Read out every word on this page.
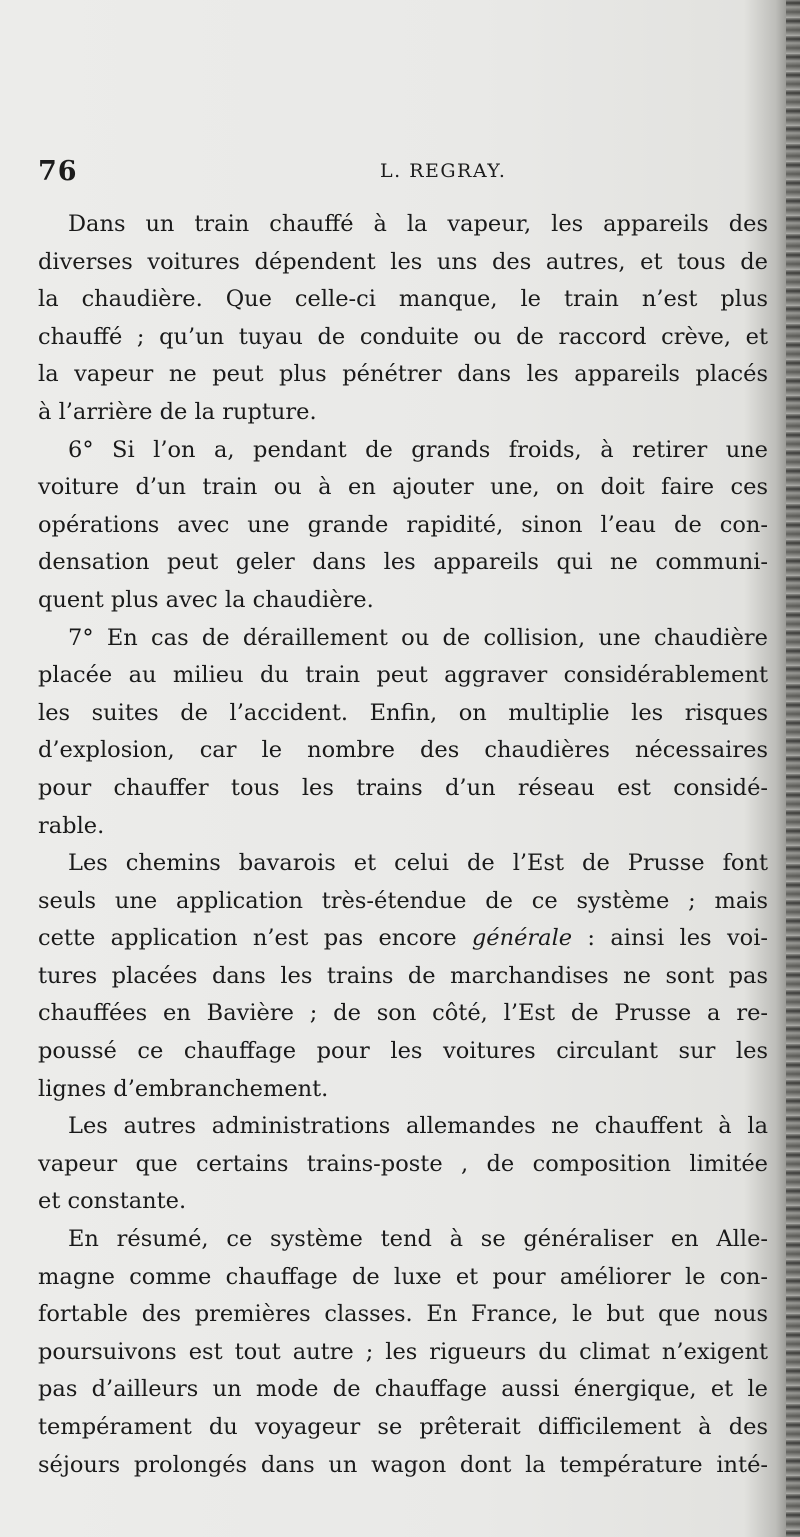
76	L. REGRAY.
Dans un train chauffé à la vapeur, les appareils des
diverses voitures dépendent les uns des autres, et tous de
la chaudière. Que celle-ci manque, le train n’est plus
chauffé ; qu’un tuyau de conduite ou de raccord crève, et
la vapeur ne peut plus pénétrer dans les appareils placés
à l’arrière de la rupture.
6° Si l’on a, pendant de grands froids, à retirer une
voiture d’un train ou à en ajouter une, on doit faire ces
opérations avec une grande rapidité, sinon l’eau de con-
densation peut geler dans les appareils qui ne communi-
quent plus avec la chaudière.
7° En cas de déraillement ou de collision, une chaudière
placée au milieu du train peut aggraver considérablement
les suites de l’accident. Enfin, on multiplie les risques
d’explosion, car le nombre des chaudières nécessaires
pour chauffer tous les trains d’un réseau est considé-
rable.
Les chemins bavarois et celui de l’Est de Prusse font
seuls une application très-étendue de ce système ; mais
cette application n’est pas encore générale : ainsi les voi-
tures placées dans les trains de marchandises ne sont pas
chauffées en Bavière ; de son côté, l’Est de Prusse a re-
poussé ce chauffage pour les voitures circulant sur les
lignes d’embranchement.
Les autres administrations allemandes ne chauffent à la
vapeur que certains trains-poste , de composition limitée
et constante.
En résumé, ce système tend à se généraliser en Alle-
magne comme chauffage de luxe et pour améliorer le con-
fortable des premières classes. En France, le but que nous
poursuivons est tout autre ; les rigueurs du climat n’exigent
pas d’ailleurs un mode de chauffage aussi énergique, et le
tempérament du voyageur se prêterait difficilement à des
séjours prolongés dans un wagon dont la température inté-
